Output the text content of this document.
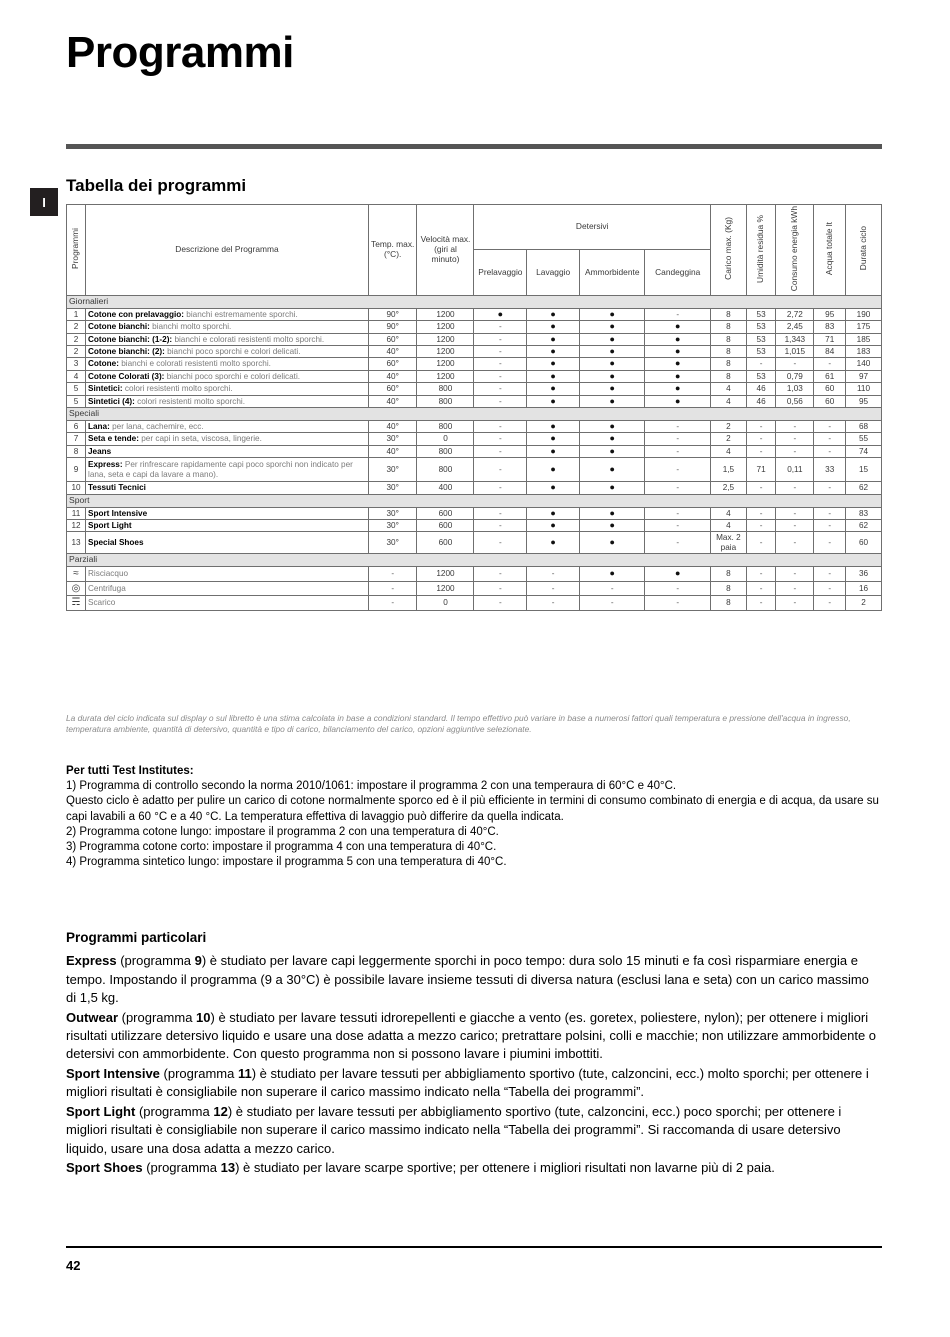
Programmi
I
Tabella dei programmi
Programmi	Descrizione del Programma	Temp. max. (°C).	Velocità max. (giri al minuto)	Detersivi				Carico max. (Kg)	Umidità residua %	Consumo energia kWh	Acqua totale lt	Durata ciclo
				Prelavaggio	Lavaggio	Ammorbidente	Candeggina					
Giornalieri												
1	Cotone con prelavaggio: bianchi estremamente sporchi.	90°	1200	●	●	●	-	8	53	2,72	95	190
2	Cotone bianchi: bianchi molto sporchi.	90°	1200	-	●	●	●	8	53	2,45	83	175
2	Cotone bianchi: (1-2): bianchi e colorati resistenti molto sporchi.	60°	1200	-	●	●	●	8	53	1,343	71	185
2	Cotone bianchi: (2): bianchi poco sporchi e colori delicati.	40°	1200	-	●	●	●	8	53	1,015	84	183
3	Cotone: bianchi e colorati resistenti molto sporchi.	60°	1200	-	●	●	●	8	-	-	-	140
4	Cotone Colorati (3): bianchi poco sporchi e colori delicati.	40°	1200	-	●	●	●	8	53	0,79	61	97
5	Sintetici: colori resistenti molto sporchi.	60°	800	-	●	●	●	4	46	1,03	60	110
5	Sintetici (4): colori resistenti molto sporchi.	40°	800	-	●	●	●	4	46	0,56	60	95
Speciali												
6	Lana: per lana, cachemire, ecc.	40°	800	-	●	●	-	2	-	-	-	68
7	Seta e tende: per capi in seta, viscosa, lingerie.	30°	0	-	●	●	-	2	-	-	-	55
8	Jeans	40°	800	-	●	●	-	4	-	-	-	74
9	Express: Per rinfrescare rapidamente capi poco sporchi non indicato per lana, seta e capi da lavare a mano).	30°	800	-	●	●	-	1,5	71	0,11	33	15
10	Tessuti Tecnici	30°	400	-	●	●	-	2,5	-	-	-	62
Sport												
11	Sport Intensive	30°	600	-	●	●	-	4	-	-	-	83
12	Sport Light	30°	600	-	●	●	-	4	-	-	-	62
13	Special Shoes	30°	600	-	●	●	-	Max. 2 paia	-	-	-	60
Parziali												
≈	Risciacquo	-	1200	-	-	●	●	8	-	-	-	36
◎	Centrifuga	-	1200	-	-	-	-	8	-	-	-	16
☴	Scarico	-	0	-	-	-	-	8	-	-	-	2
La durata del ciclo indicata sul display o sul libretto è una stima calcolata in base a condizioni standard. Il tempo effettivo può variare in base a numerosi fattori quali temperatura e pressione dell'acqua in ingresso, temperatura ambiente, quantità di detersivo, quantità e tipo di carico, bilanciamento del carico, opzioni aggiuntive selezionate.

Per tutti Test Institutes:

1) Programma di controllo secondo la norma 2010/1061: impostare il programma 2 con una temperaura di 60°C e 40°C.

Questo ciclo è adatto per pulire un carico di cotone normalmente sporco ed è il più efficiente in termini di consumo combinato di energia e di acqua, da usare su capi lavabili a 60 °C e a 40 °C. La temperatura effettiva di lavaggio può differire da quella indicata.

2) Programma cotone lungo: impostare il programma 2 con una temperatura di 40°C.

3) Programma cotone corto: impostare il programma 4 con una temperatura di 40°C.

4) Programma sintetico lungo: impostare il programma 5 con una temperatura di 40°C.

Programmi particolari

Express (programma 9) è studiato per lavare capi leggermente sporchi in poco tempo: dura solo 15 minuti e fa così risparmiare energia e tempo. Impostando il programma (9 a 30°C) è possibile lavare insieme tessuti di diversa natura (esclusi lana e seta) con un carico massimo di 1,5 kg.

Outwear (programma 10) è studiato per lavare tessuti idrorepellenti e giacche a vento (es. goretex, poliestere, nylon); per ottenere i migliori risultati utilizzare detersivo liquido e usare una dose adatta a mezzo carico; pretrattare polsini, colli e macchie; non utilizzare ammorbidente o detersivi con ammorbidente. Con questo programma non si possono lavare i piumini imbottiti.

Sport Intensive (programma 11) è studiato per lavare tessuti per abbigliamento sportivo (tute, calzoncini, ecc.) molto sporchi; per ottenere i migliori risultati è consigliabile non superare il carico massimo indicato nella “Tabella dei programmi”.

Sport Light (programma 12) è studiato per lavare tessuti per abbigliamento sportivo (tute, calzoncini, ecc.) poco sporchi; per ottenere i migliori risultati è consigliabile non superare il carico massimo indicato nella “Tabella dei programmi”. Si raccomanda di usare detersivo liquido, usare una dosa adatta a mezzo carico.

Sport Shoes (programma 13) è studiato per lavare scarpe sportive; per ottenere i migliori risultati non lavarne più di 2 paia.

42
